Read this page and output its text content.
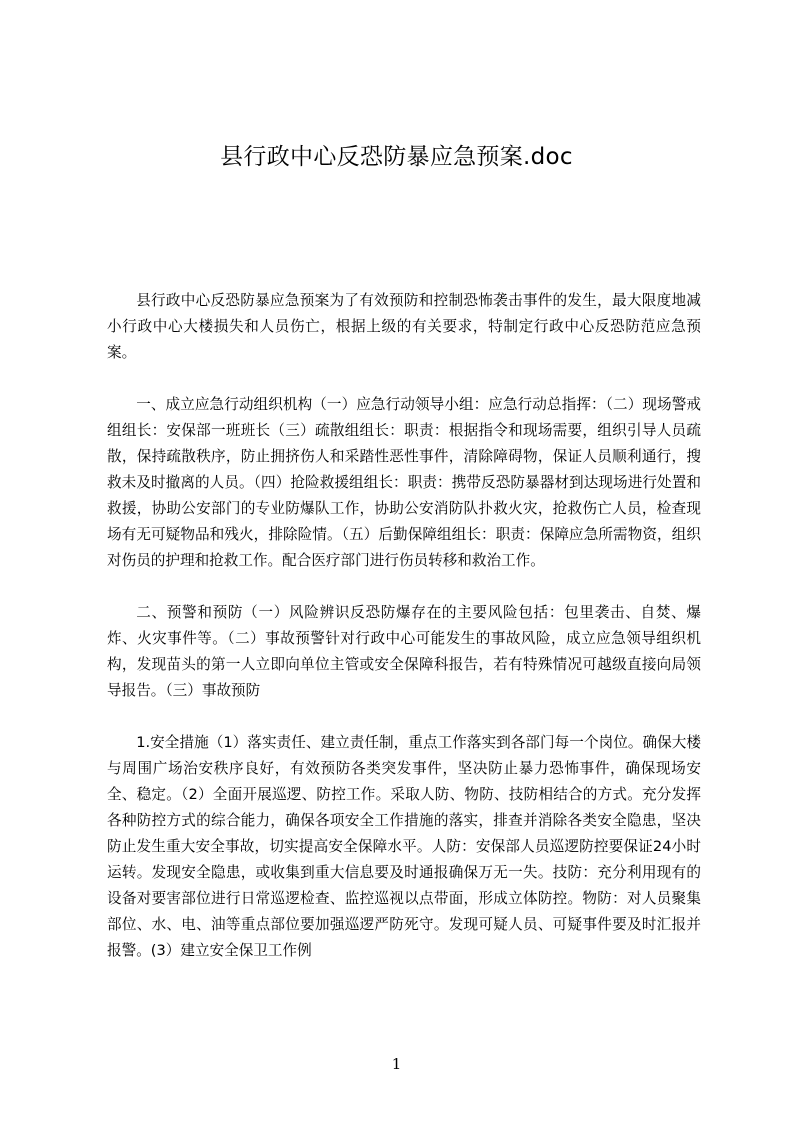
县行政中心反恐防暴应急预案.doc

县行政中心反恐防暴应急预案为了有效预防和控制恐怖袭击事件的发生，最大限度地减小行政中心大楼损失和人员伤亡，根据上级的有关要求，特制定行政中心反恐防范应急预案。

一、成立应急行动组织机构（一）应急行动领导小组：应急行动总指挥：（二）现场警戒组组长：安保部一班班长（三）疏散组组长：职责：根据指令和现场需要，组织引导人员疏散，保持疏散秩序，防止拥挤伤人和采踏性恶性事件，清除障碍物，保证人员顺利通行，搜救未及时撤离的人员。（四）抢险救援组组长：职责：携带反恐防暴器材到达现场进行处置和救援，协助公安部门的专业防爆队工作，协助公安消防队扑救火灾，抢救伤亡人员，检查现场有无可疑物品和残火，排除险情。（五）后勤保障组组长：职责：保障应急所需物资，组织对伤员的护理和抢救工作。配合医疗部门进行伤员转移和救治工作。

二、预警和预防（一）风险辨识反恐防爆存在的主要风险包括：包里袭击、自焚、爆炸、火灾事件等。（二）事故预警针对行政中心可能发生的事故风险，成立应急领导组织机构，发现苗头的第一人立即向单位主管或安全保障科报告，若有特殊情况可越级直接向局领导报告。（三）事故预防

1.安全措施（1）落实责任、建立责任制，重点工作落实到各部门每一个岗位。确保大楼与周围广场治安秩序良好，有效预防各类突发事件，坚决防止暴力恐怖事件，确保现场安全、稳定。（2）全面开展巡逻、防控工作。采取人防、物防、技防相结合的方式。充分发挥各种防控方式的综合能力，确保各项安全工作措施的落实，排查并消除各类安全隐患，坚决防止发生重大安全事故，切实提高安全保障水平。人防：安保部人员巡逻防控要保证24小时运转。发现安全隐患，或收集到重大信息要及时通报确保万无一失。技防：充分利用现有的设备对要害部位进行日常巡逻检查、监控巡视以点带面，形成立体防控。物防：对人员聚集部位、水、电、油等重点部位要加强巡逻严防死守。发现可疑人员、可疑事件要及时汇报并报警。(3）建立安全保卫工作例

1
